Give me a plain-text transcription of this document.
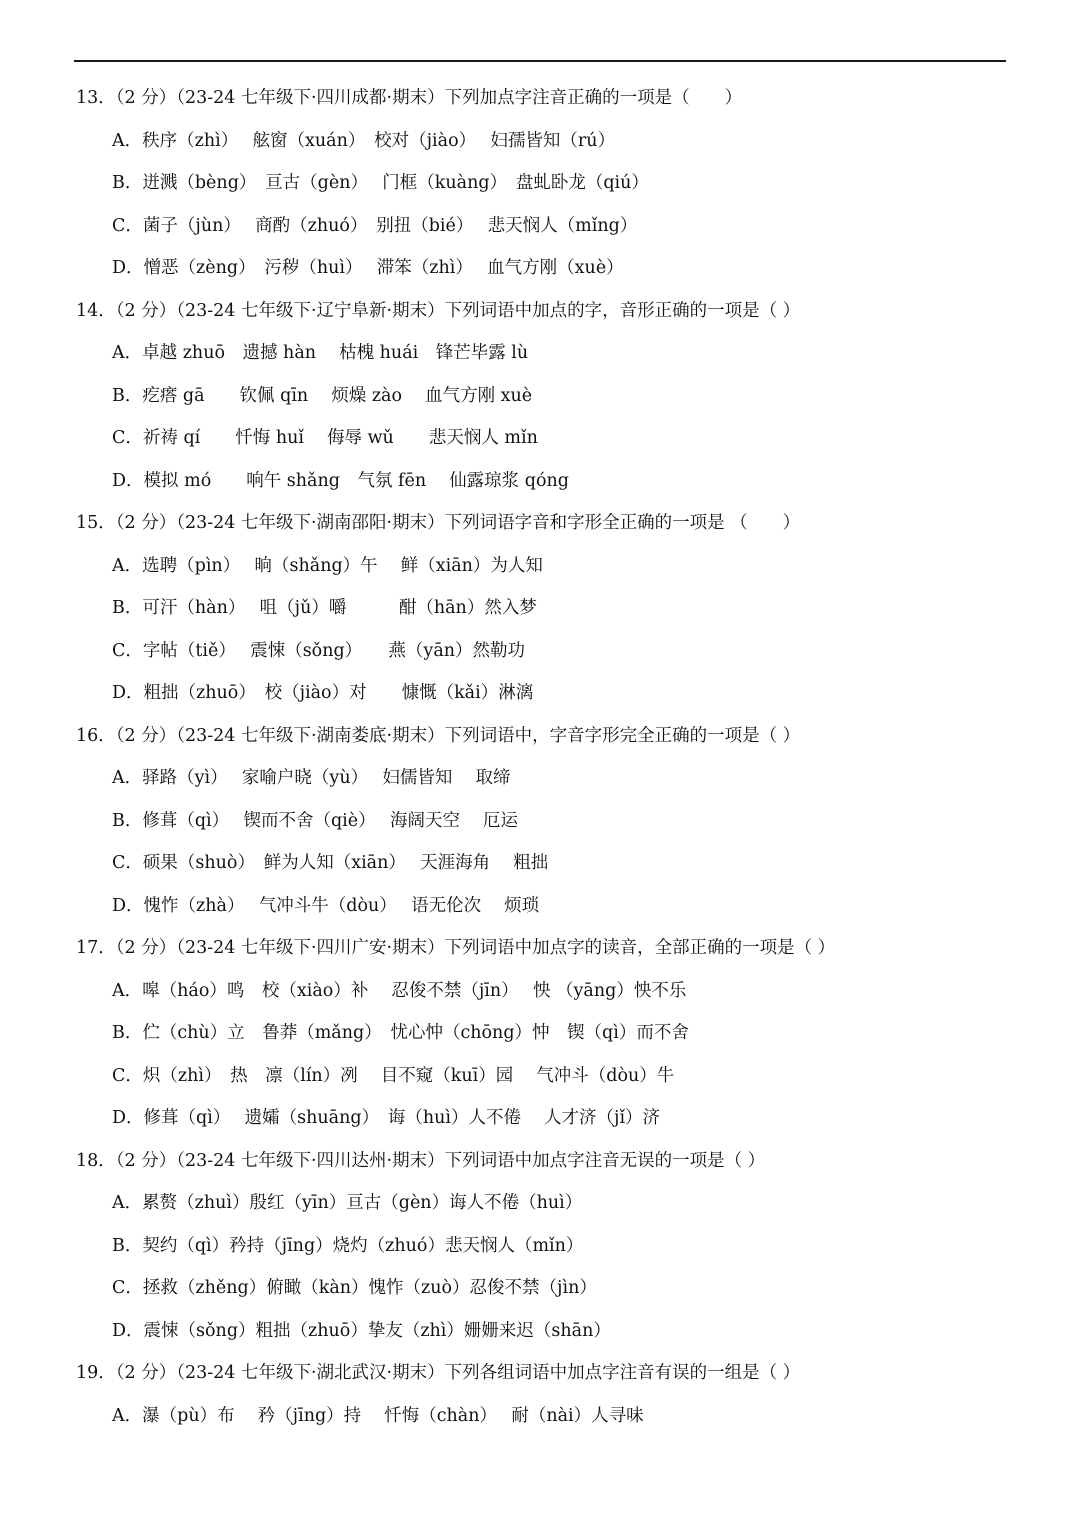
13．（2 分）（23-24 七年级下·四川成都·期末）下列加点字注音正确的一项是（　　）
A．秩序（zhì）　 舷窗（xuán）　校对（jiào）　 妇孺皆知（rú）
B．迸溅（bèng）　亘古（gèn）　 门框（kuàng）　盘虬卧龙（qiú）
C．菌子（jùn）　 商酌（zhuó）　别扭（bié）　 悲天悯人（mǐng）
D．憎恶（zèng）　污秽（huì）　 滞笨（zhì）　 血气方刚（xuè）
14．（2 分）（23-24 七年级下·辽宁阜新·期末）下列词语中加点的字，音形正确的一项是（ ）
A．卓越 zhuō　遗撼 hàn　 枯槐 huái　锋芒毕露 lù
B．疙瘩 gā　　钦佩 qīn　 烦燥 zào　 血气方刚 xuè
C．祈祷 qí　　忏悔 huǐ　 侮辱 wǔ　　悲天悯人 mǐn
D．模拟 mó　　响午 shǎng　气氛 fēn　 仙露琼浆 qóng
15．（2 分）（23-24 七年级下·湖南邵阳·期末）下列词语字音和字形全正确的一项是 （　　）
A．选聘（pìn）　 晌（shǎng）午　 鲜（xiān）为人知
B．可汗（hàn）　 咀（jǔ）嚼　　　酣（hān）然入梦
C．字帖（tiě）　 震悚（sǒng）　　燕（yān）然勒功
D．粗拙（zhuō）　校（jiào）对　　慷慨（kǎi）淋漓
16．（2 分）（23-24 七年级下·湖南娄底·期末）下列词语中，字音字形完全正确的一项是（ ）
A．驿路（yì）　 家喻户晓（yù）　 妇儒皆知　 取缔
B．修葺（qì）　 锲而不舍（qiè）　 海阔天空　 厄运
C．硕果（shuò）　鲜为人知（xiān）　 天涯海角　 粗拙
D．愧怍（zhà）　 气冲斗牛（dòu）　 语无伦次　 烦琐
17．（2 分）（23-24 七年级下·四川广安·期末）下列词语中加点字的读音，全部正确的一项是（ ）
A．嗥（háo）鸣　校（xiào）补　 忍俊不禁（jīn）　 怏 （yāng）怏不乐
B．伫（chù）立　鲁莽（mǎng）　忧心忡（chōng）忡　锲（qì）而不舍
C．炽（zhì）　热　凛（lín）冽　 目不窥（kuī）园　 气冲斗（dòu）牛
D．修葺（qì）　 遗孀（shuāng）　诲（huì）人不倦　 人才济（jǐ）济
18．（2 分）（23-24 七年级下·四川达州·期末）下列词语中加点字注音无误的一项是（ ）
A．累赘（zhuì）殷红（yīn）亘古（gèn）诲人不倦（huì）
B．契约（qì）矜持（jīng）烧灼（zhuó）悲天悯人（mǐn）
C．拯救（zhěng）俯瞰（kàn）愧怍（zuò）忍俊不禁（jìn）
D．震悚（sǒng）粗拙（zhuō）挚友（zhì）姗姗来迟（shān）
19．（2 分）（23-24 七年级下·湖北武汉·期末）下列各组词语中加点字注音有误的一组是（ ）
A．瀑（pù）布　 矜（jīng）持　 忏悔（chàn）　 耐（nài）人寻味
